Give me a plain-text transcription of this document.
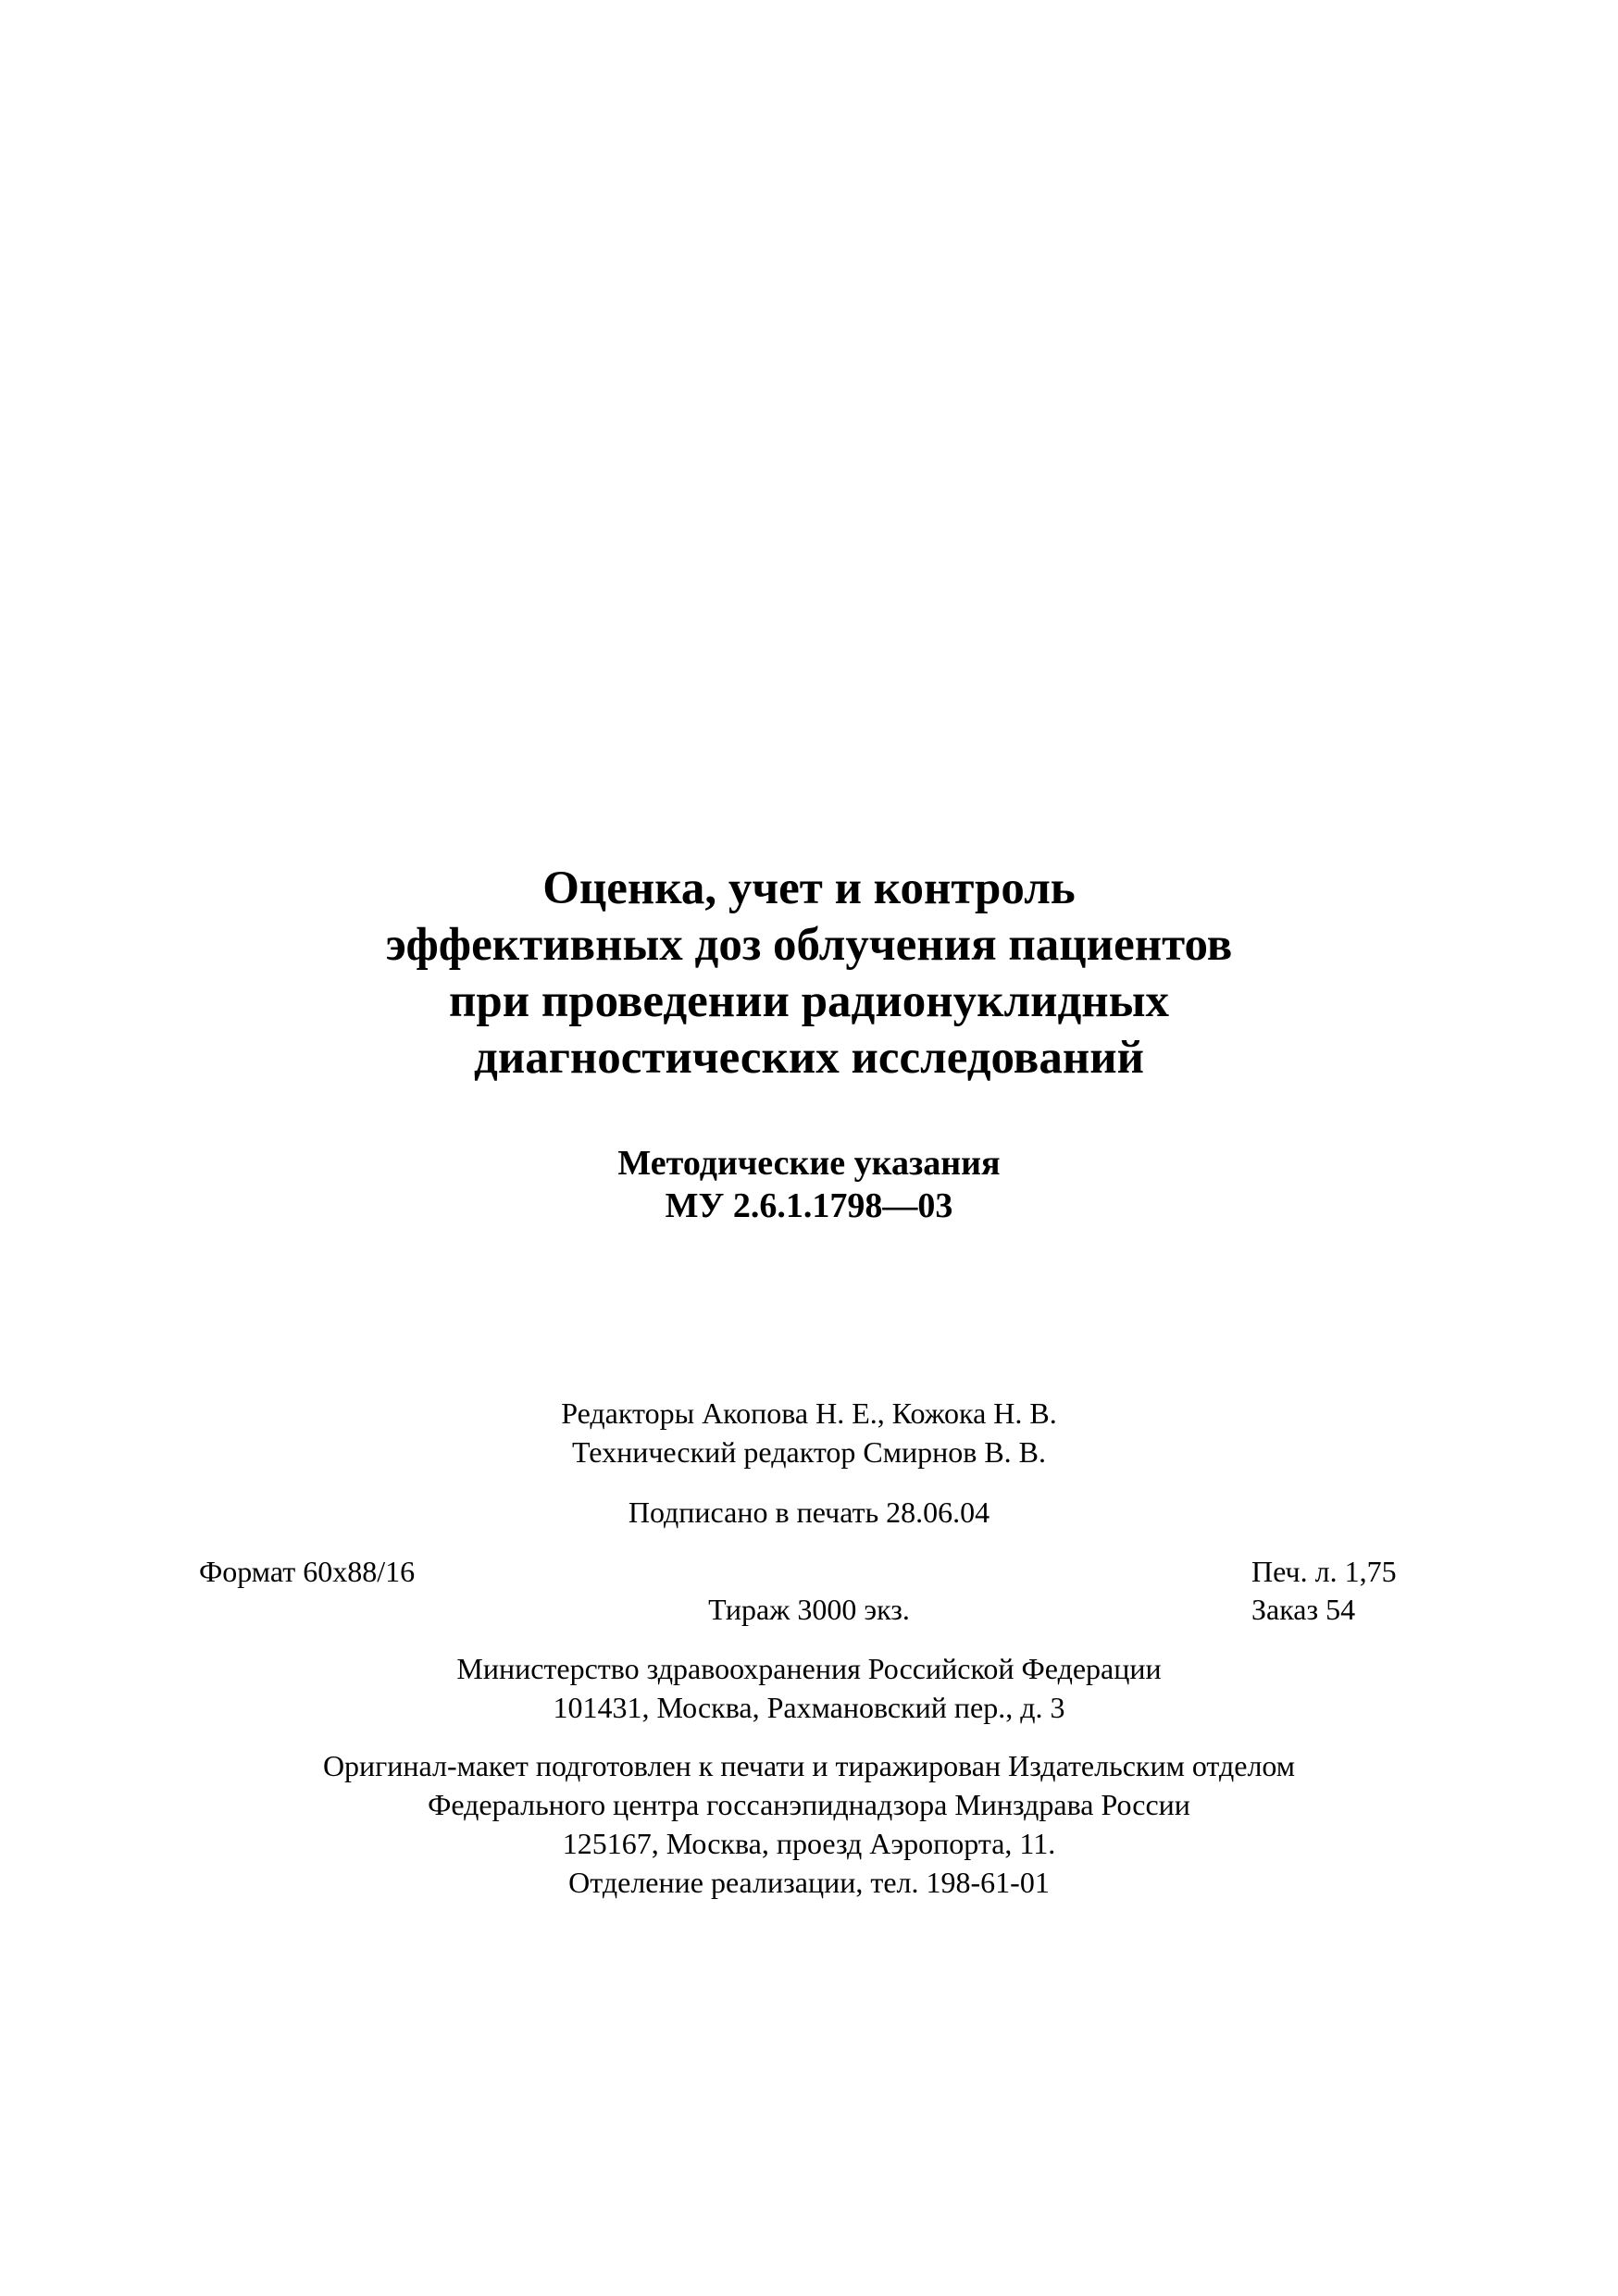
Оценка, учет и контроль
эффективных доз облучения пациентов
при проведении радионуклидных
диагностических исследований
Методические указания
МУ 2.6.1.1798—03
Редакторы Акопова Н. Е., Кожока Н. В.
Технический редактор Смирнов В. В.
Подписано в печать 28.06.04
Формат 60x88/16	Печ. л. 1,75
Тираж 3000 экз.	Заказ 54
Министерство здравоохранения Российской Федерации
101431, Москва, Рахмановский пер., д. 3
Оригинал-макет подготовлен к печати и тиражирован Издательским отделом
Федерального центра госсанэпиднадзора Минздрава России
125167, Москва, проезд Аэропорта, 11.
Отделение реализации, тел. 198-61-01
